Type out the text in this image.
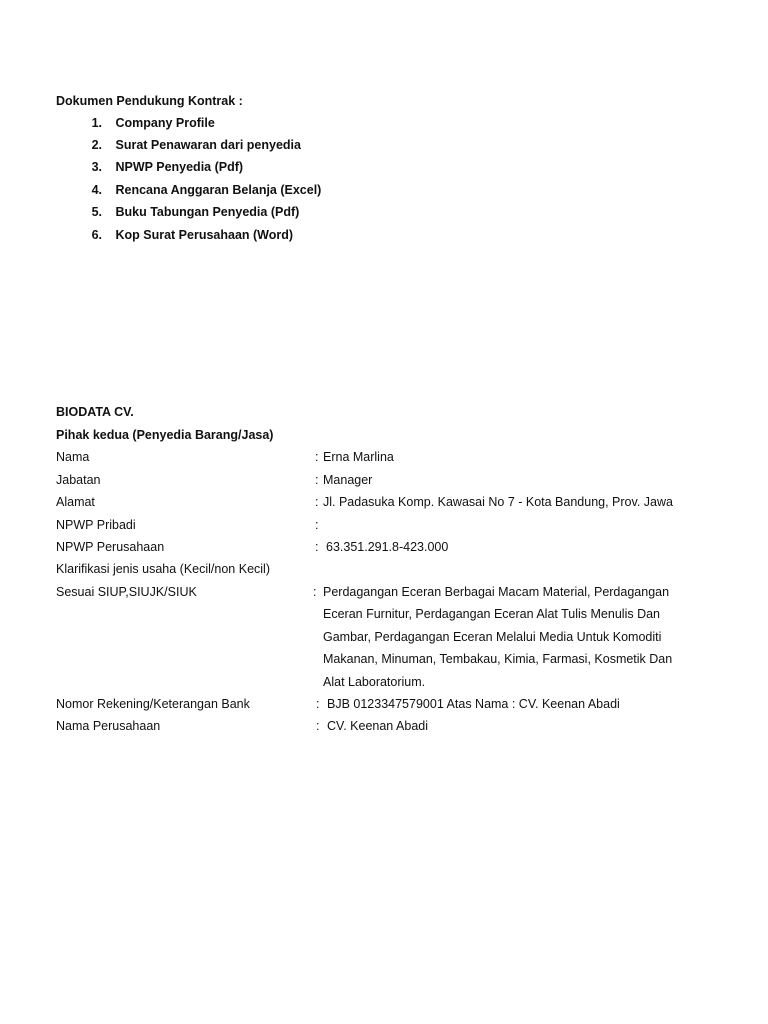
Dokumen Pendukung Kontrak :
1. Company Profile
2. Surat Penawaran dari penyedia
3. NPWP Penyedia (Pdf)
4. Rencana Anggaran Belanja (Excel)
5. Buku Tabungan Penyedia (Pdf)
6. Kop Surat Perusahaan (Word)
BIODATA CV.
Pihak kedua (Penyedia Barang/Jasa)
Nama	: Erna Marlina
Jabatan	: Manager
Alamat	: Jl. Padasuka Komp. Kawasai No 7 - Kota Bandung, Prov. Jawa
NPWP Pribadi	:
NPWP Perusahaan	: 63.351.291.8-423.000
Klarifikasi jenis usaha (Kecil/non Kecil)
Sesuai SIUP,SIUJK/SIUK	: Perdagangan Eceran Berbagai Macam Material, Perdagangan
Eceran Furnitur, Perdagangan Eceran Alat Tulis Menulis Dan
Gambar, Perdagangan Eceran Melalui Media Untuk Komoditi
Makanan, Minuman, Tembakau, Kimia, Farmasi, Kosmetik Dan
Alat Laboratorium.
Nomor Rekening/Keterangan Bank	: BJB 0123347579001 Atas Nama : CV. Keenan Abadi
Nama Perusahaan	: CV. Keenan Abadi
